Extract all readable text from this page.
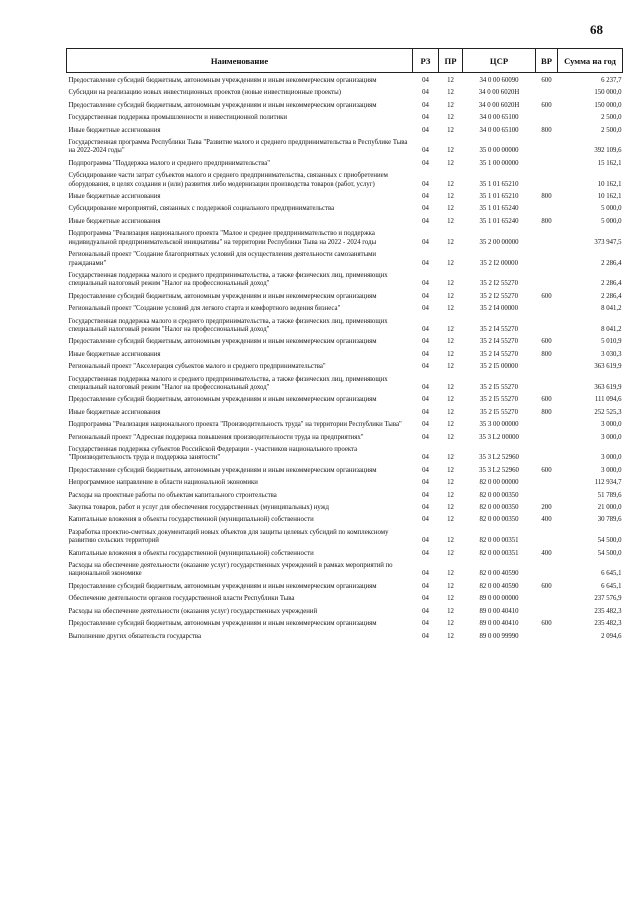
68
Наименование	РЗ	ПР	ЦСР	ВР	Сумма на год

Предоставление субсидий бюджетным, автономным учреждениям и иным некоммерческим организациям	04	12	34 0 00 60090	600	6 237,7

Субсидии на реализацию новых инвестиционных проектов (новые инвестиционные проекты)	04	12	34 0 00 6020Н		150 000,0

Предоставление субсидий бюджетным, автономным учреждениям и иным некоммерческим организациям	04	12	34 0 00 6020Н	600	150 000,0

Государственная поддержка промышленности и инвестиционной политики	04	12	34 0 00 65100		2 500,0

Иные бюджетные ассигнования	04	12	34 0 00 65100	800	2 500,0

Государственная программа Республики Тыва "Развитие малого и среднего предпринимательства в Республике Тыва на 2022-2024 годы"	04	12	35 0 00 00000		392 109,6

Подпрограмма "Поддержка малого и среднего предпринимательства"	04	12	35 1 00 00000		15 162,1

Субсидирование части затрат субъектов малого и среднего предпринимательства, связанных с приобретением оборудования, в целях создания и (или) развития либо модернизации производства товаров (работ, услуг)	04	12	35 1 01 65210		10 162,1

Иные бюджетные ассигнования	04	12	35 1 01 65210	800	10 162,1

Субсидирование мероприятий, связанных с поддержкой социального предпринимательства	04	12	35 1 01 65240		5 000,0

Иные бюджетные ассигнования	04	12	35 1 01 65240	800	5 000,0

Подпрограмма "Реализация национального проекта "Малое и среднее предпринимательство и поддержка индивидуальной предпринимательской инициативы" на территории Республики Тыва на 2022 - 2024 годы	04	12	35 2 00 00000		373 947,5

Региональный проект "Создание благоприятных условий для осуществления деятельности самозанятыми гражданами"	04	12	35 2 I2 00000		2 286,4

Государственная поддержка малого и среднего предпринимательства, а также физических лиц, применяющих специальный налоговый режим "Налог на профессиональный доход"	04	12	35 2 I2 55270		2 286,4

Предоставление субсидий бюджетным, автономным учреждениям и иным некоммерческим организациям	04	12	35 2 I2 55270	600	2 286,4

Региональный проект "Создание условий для легкого старта и комфортного ведения бизнеса"	04	12	35 2 I4 00000		8 041,2

Государственная поддержка малого и среднего предпринимательства, а также физических лиц, применяющих специальный налоговый режим "Налог на профессиональный доход"	04	12	35 2 I4 55270		8 041,2

Предоставление субсидий бюджетным, автономным учреждениям и иным некоммерческим организациям	04	12	35 2 I4 55270	600	5 010,9

Иные бюджетные ассигнования	04	12	35 2 I4 55270	800	3 030,3

Региональный проект "Акселерация субъектов малого и среднего предпринимательства"	04	12	35 2 I5 00000		363 619,9

Государственная поддержка малого и среднего предпринимательства, а также физических лиц, применяющих специальный налоговый режим "Налог на профессиональный доход"	04	12	35 2 I5 55270		363 619,9

Предоставление субсидий бюджетным, автономным учреждениям и иным некоммерческим организациям	04	12	35 2 I5 55270	600	111 094,6

Иные бюджетные ассигнования	04	12	35 2 I5 55270	800	252 525,3

Подпрограмма "Реализация национального проекта "Производительность труда" на территории Республики Тыва"	04	12	35 3 00 00000		3 000,0

Региональный проект "Адресная поддержка повышения производительности труда на предприятиях"	04	12	35 3 L2 00000		3 000,0

Государственная поддержка субъектов Российской Федерации - участников национального проекта "Производительность труда и поддержка занятости"	04	12	35 3 L2 52960		3 000,0

Предоставление субсидий бюджетным, автономным учреждениям и иным некоммерческим организациям	04	12	35 3 L2 52960	600	3 000,0

Непрограммное направление в области национальной экономики	04	12	82 0 00 00000		112 934,7

Расходы на проектные работы по объектам капитального строительства	04	12	82 0 00 00350		51 789,6

Закупка товаров, работ и услуг для обеспечения государственных (муниципальных) нужд	04	12	82 0 00 00350	200	21 000,0

Капитальные вложения в объекты государственной (муниципальной) собственности	04	12	82 0 00 00350	400	30 789,6

Разработка проектно-сметных документаций новых объектов для защиты целевых субсидий по комплексному развитию сельских территорий	04	12	82 0 00 00351		54 500,0

Капитальные вложения в объекты государственной (муниципальной) собственности	04	12	82 0 00 00351	400	54 500,0

Расходы на обеспечение деятельности (оказание услуг) государственных учреждений в рамках мероприятий по национальной экономике	04	12	82 0 00 40590		6 645,1

Предоставление субсидий бюджетным, автономным учреждениям и иным некоммерческим организациям	04	12	82 0 00 40590	600	6 645,1

Обеспечение деятельности органов государственной власти Республики Тыва	04	12	89 0 00 00000		237 576,9

Расходы на обеспечение деятельности (оказания услуг) государственных учреждений	04	12	89 0 00 40410		235 482,3

Предоставление субсидий бюджетным, автономным учреждениям и иным некоммерческим организациям	04	12	89 0 00 40410	600	235 482,3

Выполнение других обязательств государства	04	12	89 0 00 99990		2 094,6
